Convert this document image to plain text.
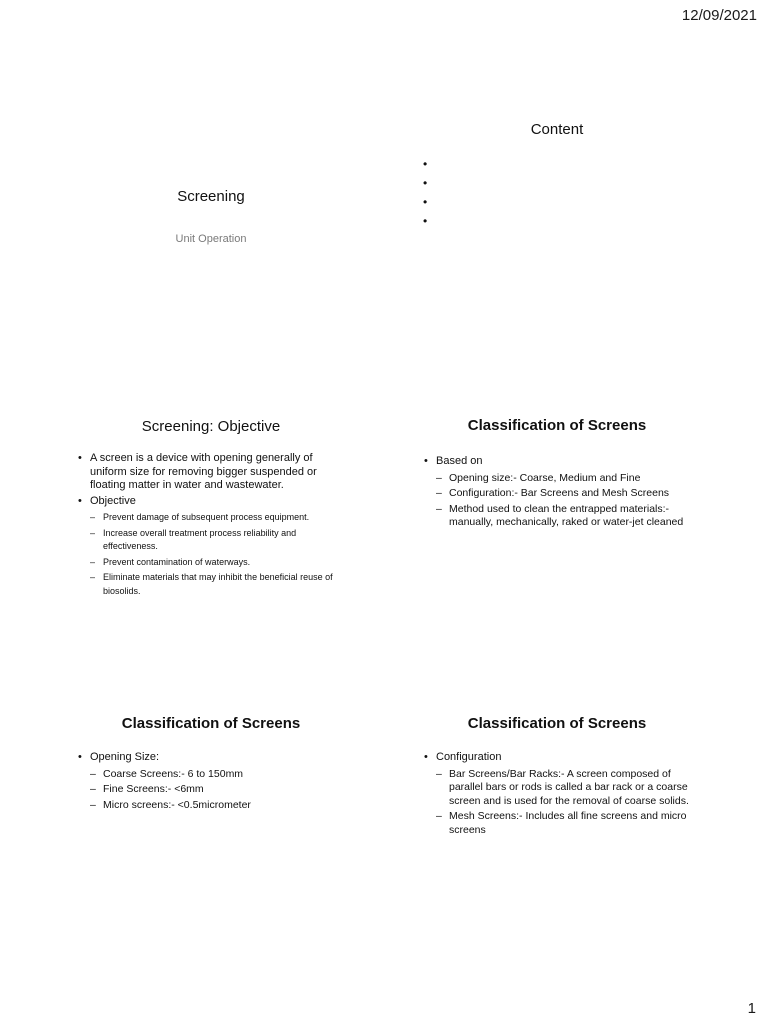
12/09/2021
Screening
Unit Operation
Content
•
•
•
•
Screening: Objective
• A screen is a device with opening generally of uniform size for removing bigger suspended or floating matter in water and wastewater.
• Objective
– Prevent damage of subsequent process equipment.
– Increase overall treatment process reliability and effectiveness.
– Prevent contamination of waterways.
– Eliminate materials that may inhibit the beneficial reuse of biosolids.
Classification of Screens
• Based on
– Opening size:- Coarse, Medium and Fine
– Configuration:- Bar Screens and Mesh Screens
– Method used to clean the entrapped materials:- manually, mechanically, raked or water-jet cleaned
Classification of Screens
• Opening Size:
– Coarse Screens:- 6 to 150mm
– Fine Screens:- <6mm
– Micro screens:- <0.5micrometer
Classification of Screens
• Configuration
– Bar Screens/Bar Racks:- A screen composed of parallel bars or rods is called a bar rack or a coarse screen and is used for the removal of coarse solids.
– Mesh Screens:- Includes all fine screens and micro screens
1
